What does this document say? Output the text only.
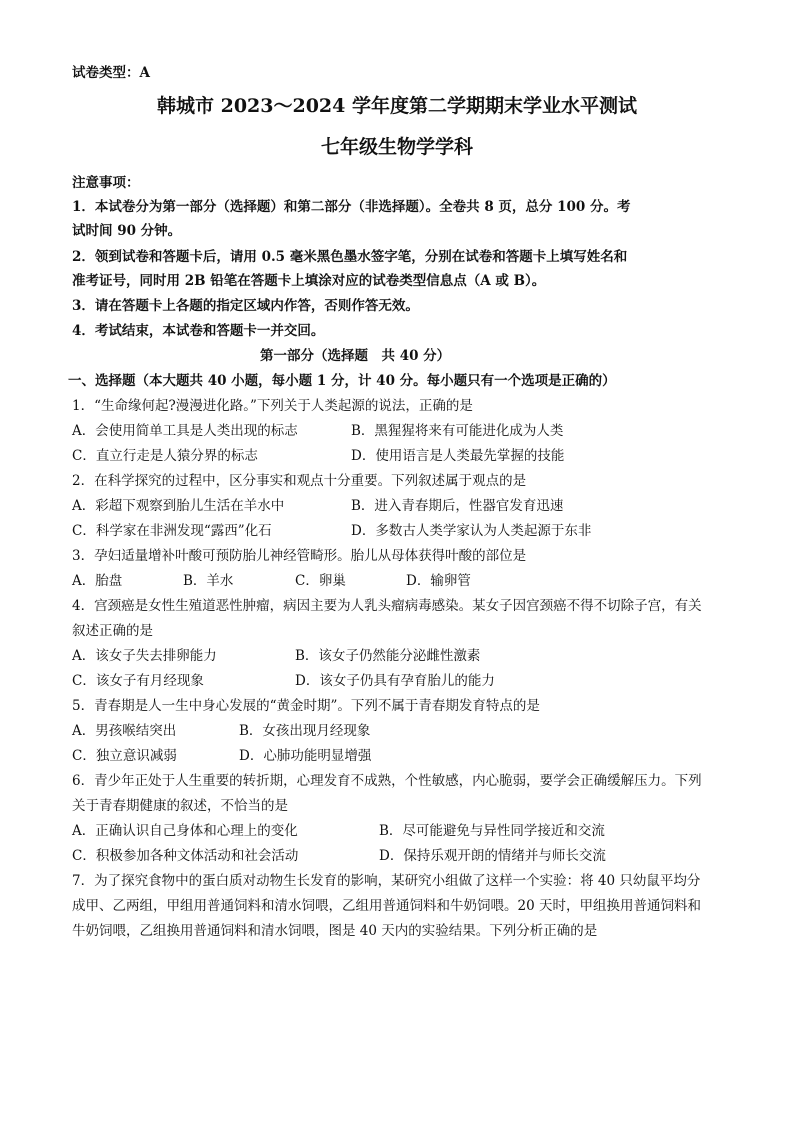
试卷类型：A
韩城市 2023～2024 学年度第二学期期末学业水平测试
七年级生物学学科
注意事项：
1．本试卷分为第一部分（选择题）和第二部分（非选择题）。全卷共 8 页，总分 100 分。考
试时间 90 分钟。
2．领到试卷和答题卡后，请用 0.5 毫米黑色墨水签字笔，分别在试卷和答题卡上填写姓名和
准考证号，同时用 2B 铅笔在答题卡上填涂对应的试卷类型信息点（A 或 B）。
3．请在答题卡上各题的指定区域内作答，否则作答无效。
4．考试结束，本试卷和答题卡一并交回。
第一部分（选择题　共 40 分）
一、选择题（本大题共 40 小题，每小题 1 分，计 40 分。每小题只有一个选项是正确的）
1．“生命缘何起?漫漫进化路。”下列关于人类起源的说法，正确的是
A．会使用简单工具是人类出现的标志	B．黑猩猩将来有可能进化成为人类
C．直立行走是人猿分界的标志	D．使用语言是人类最先掌握的技能
2．在科学探究的过程中，区分事实和观点十分重要。下列叙述属于观点的是
A．彩超下观察到胎儿生活在羊水中	B．进入青春期后，性器官发育迅速
C．科学家在非洲发现“露西”化石	D．多数古人类学家认为人类起源于东非
3．孕妇适量增补叶酸可预防胎儿神经管畸形。胎儿从母体获得叶酸的部位是
A．胎盘	B．羊水	C．卵巢	D．输卵管
4．宫颈癌是女性生殖道恶性肿瘤，病因主要为人乳头瘤病毒感染。某女子因宫颈癌不得不切除子宫，有关
叙述正确的是
A．该女子失去排卵能力	B．该女子仍然能分泌雌性激素
C．该女子有月经现象	D．该女子仍具有孕育胎儿的能力
5．青春期是人一生中身心发展的“黄金时期”。下列不属于青春期发育特点的是
A．男孩喉结突出	B．女孩出现月经现象
C．独立意识减弱	D．心肺功能明显增强
6．青少年正处于人生重要的转折期，心理发育不成熟，个性敏感，内心脆弱，要学会正确缓解压力。下列
关于青春期健康的叙述，不恰当的是
A．正确认识自己身体和心理上的变化	B．尽可能避免与异性同学接近和交流
C．积极参加各种文体活动和社会活动	D．保持乐观开朗的情绪并与师长交流
7．为了探究食物中的蛋白质对动物生长发育的影响，某研究小组做了这样一个实验：将 40 只幼鼠平均分
成甲、乙两组，甲组用普通饲料和清水饲喂，乙组用普通饲料和牛奶饲喂。20 天时，甲组换用普通饲料和
牛奶饲喂，乙组换用普通饲料和清水饲喂，图是 40 天内的实验结果。下列分析正确的是
